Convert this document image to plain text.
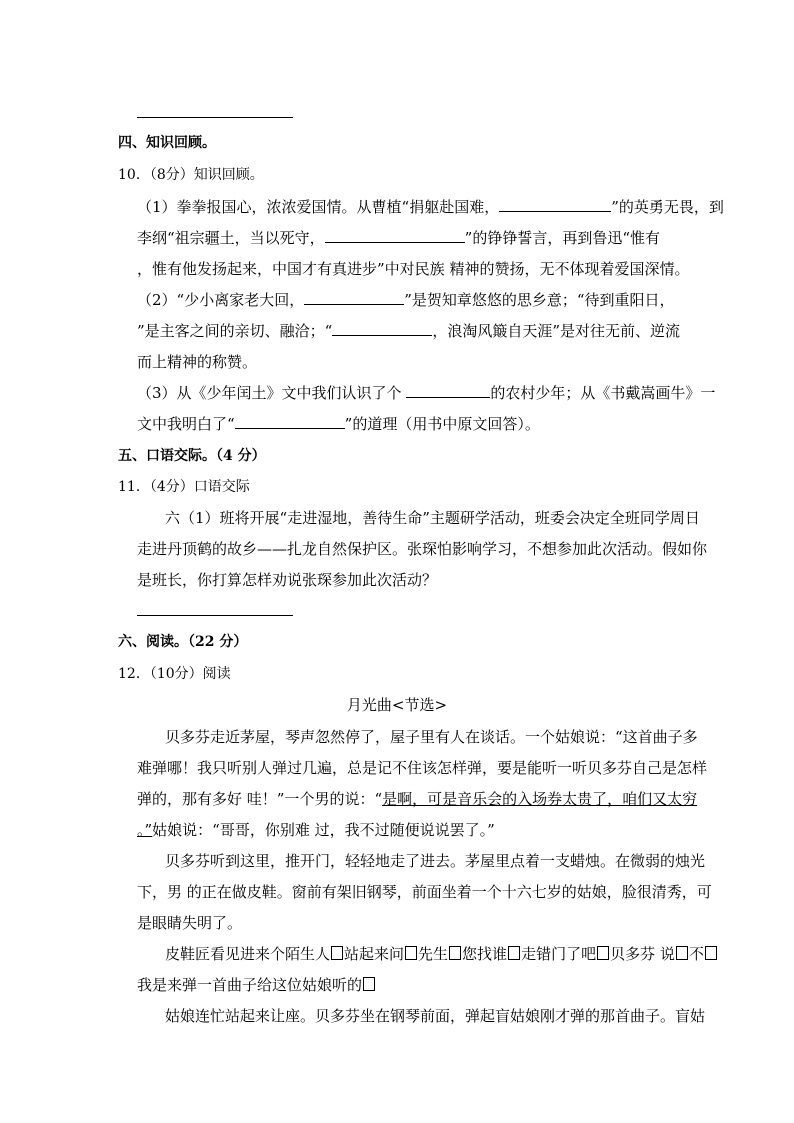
四、知识回顾。
10．（8分）知识回顾。
（1）拳拳报国心，浓浓爱国情。从曹植“捐躯赴国难，	”的英勇无畏，到
李纲“祖宗疆土，当以死守，	”的铮铮誓言，再到鲁迅“惟有
，惟有他发扬起来，中国才有真进步”中对民族 精神的赞扬，无不体现着爱国深情。
（2）“少小离家老大回，	”是贺知章悠悠的思乡意；“待到重阳日，
”是主客之间的亲切、融洽；“	，浪淘风簸自天涯”是对往无前、逆流
而上精神的称赞。
（3）从《少年闰土》文中我们认识了个	的农村少年；从《书戴嵩画牛》一
文中我明白了“	”的道理（用书中原文回答）。
五、口语交际。（4 分）
11．（4分）口语交际
六（1）班将开展“走进湿地，善待生命”主题研学活动，班委会决定全班同学周日
走进丹顶鹤的故乡——扎龙自然保护区。张琛怕影响学习，不想参加此次活动。假如你
是班长，你打算怎样劝说张琛参加此次活动？
六、阅读。（22 分）
12．（10分）阅读
月光曲<节选>
贝多芬走近茅屋，琴声忽然停了，屋子里有人在谈话。一个姑娘说：“这首曲子多
难弹哪！我只听别人弹过几遍，总是记不住该怎样弹，要是能听一听贝多芬自己是怎样
弹的，那有多好 哇！”一个男的说：“是啊，可是音乐会的入场券太贵了，咱们又太穷
。”姑娘说：“哥哥，你别难 过，我不过随便说说罢了。”
贝多芬听到这里，推开门，轻轻地走了进去。茅屋里点着一支蜡烛。在微弱的烛光
下，男 的正在做皮鞋。窗前有架旧钢琴，前面坐着一个十六七岁的姑娘，脸很清秀，可
是眼睛失明了。
皮鞋匠看见进来个陌生人 站起来问 先生 您找谁 走错门了吧 贝多芬 说 不
我是来弹一首曲子给这位姑娘听的
姑娘连忙站起来让座。贝多芬坐在钢琴前面，弹起盲姑娘刚才弹的那首曲子。盲姑
